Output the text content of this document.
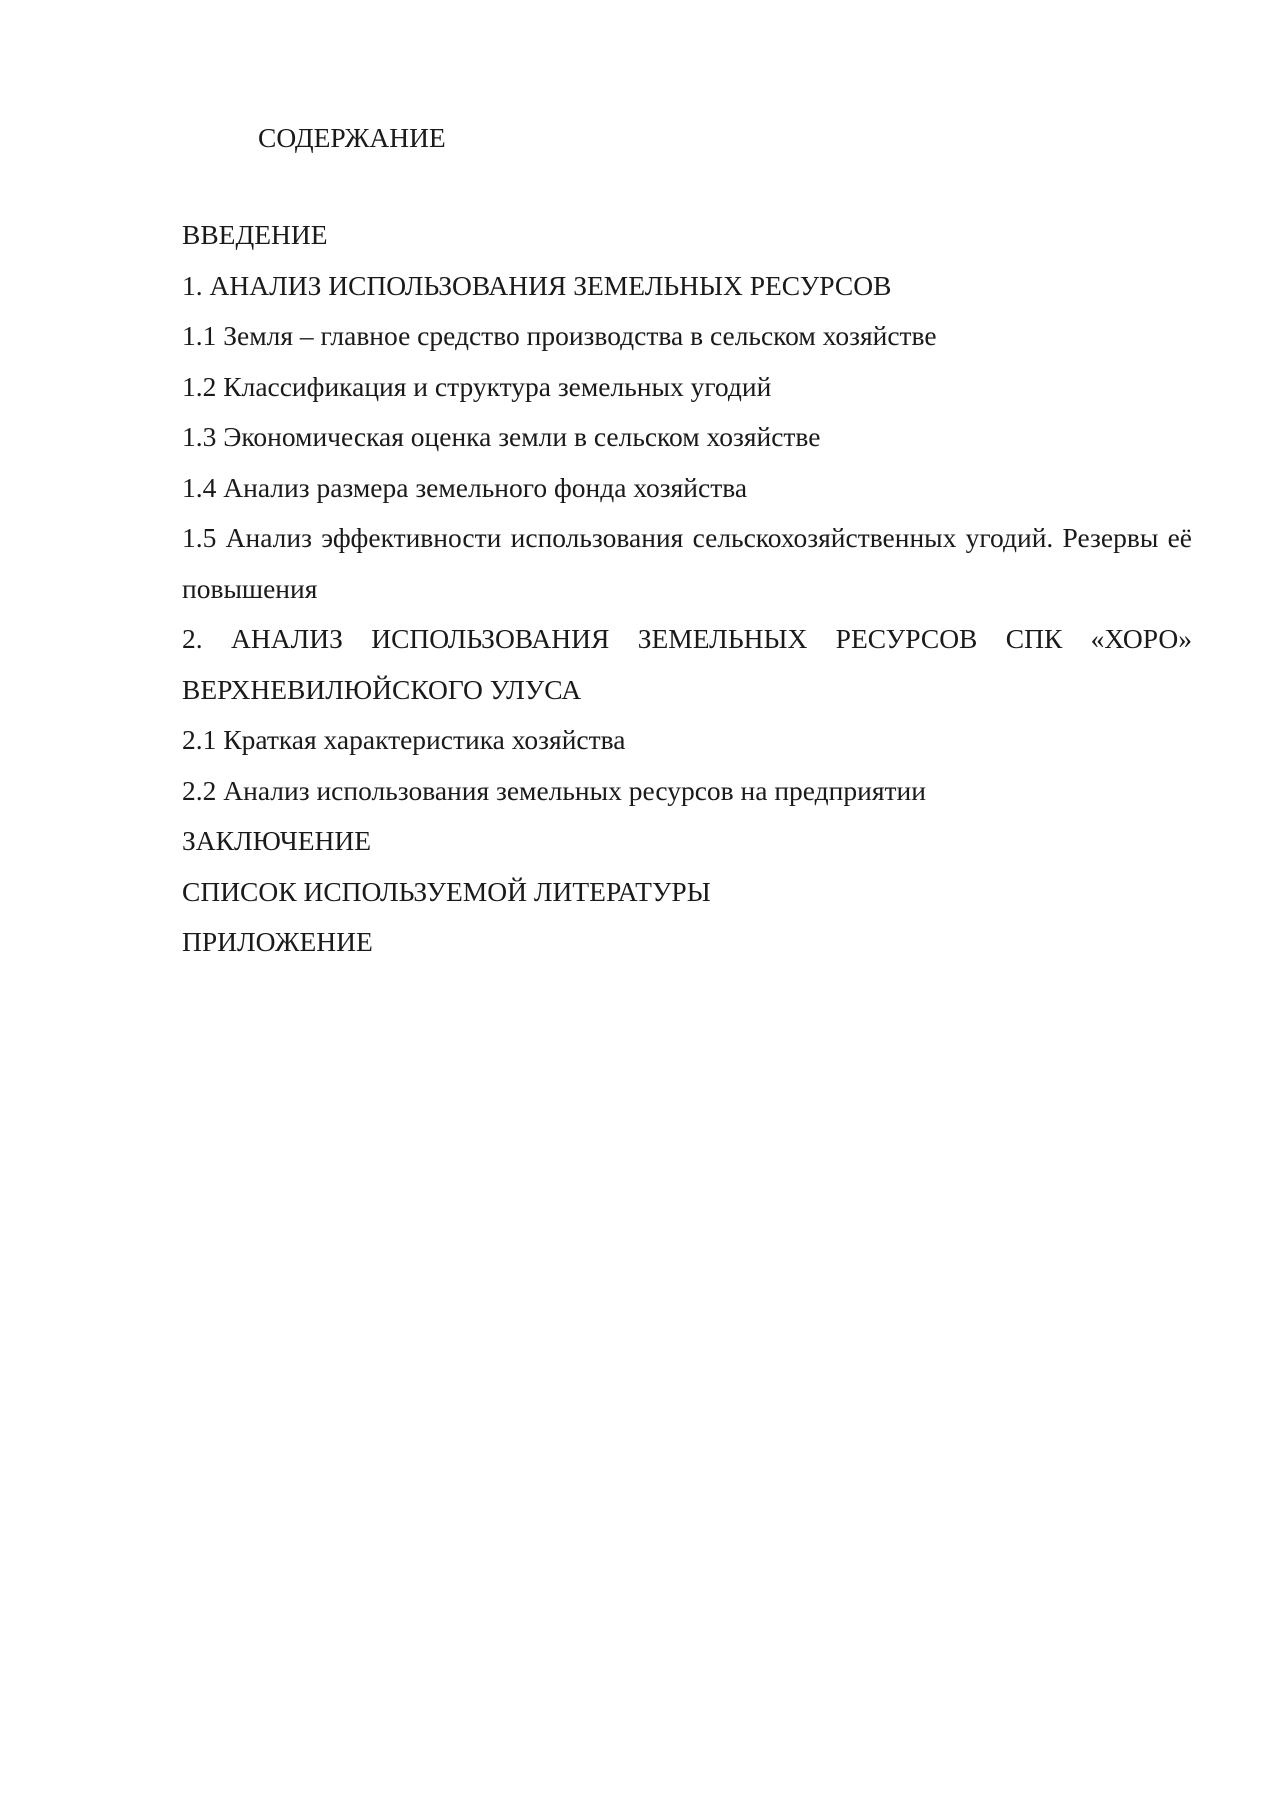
СОДЕРЖАНИЕ
ВВЕДЕНИЕ
1. АНАЛИЗ ИСПОЛЬЗОВАНИЯ ЗЕМЕЛЬНЫХ РЕСУРСОВ
1.1 Земля – главное средство производства в сельском хозяйстве
1.2 Классификация и структура земельных угодий
1.3 Экономическая оценка земли в сельском хозяйстве
1.4 Анализ размера земельного фонда хозяйства
1.5 Анализ эффективности использования сельскохозяйственных угодий. Резервы её повышения
2. АНАЛИЗ ИСПОЛЬЗОВАНИЯ ЗЕМЕЛЬНЫХ РЕСУРСОВ СПК «ХОРО» ВЕРХНЕВИЛЮЙСКОГО УЛУСА
2.1 Краткая характеристика хозяйства
2.2 Анализ использования земельных ресурсов на предприятии
ЗАКЛЮЧЕНИЕ
СПИСОК ИСПОЛЬЗУЕМОЙ ЛИТЕРАТУРЫ
ПРИЛОЖЕНИЕ
